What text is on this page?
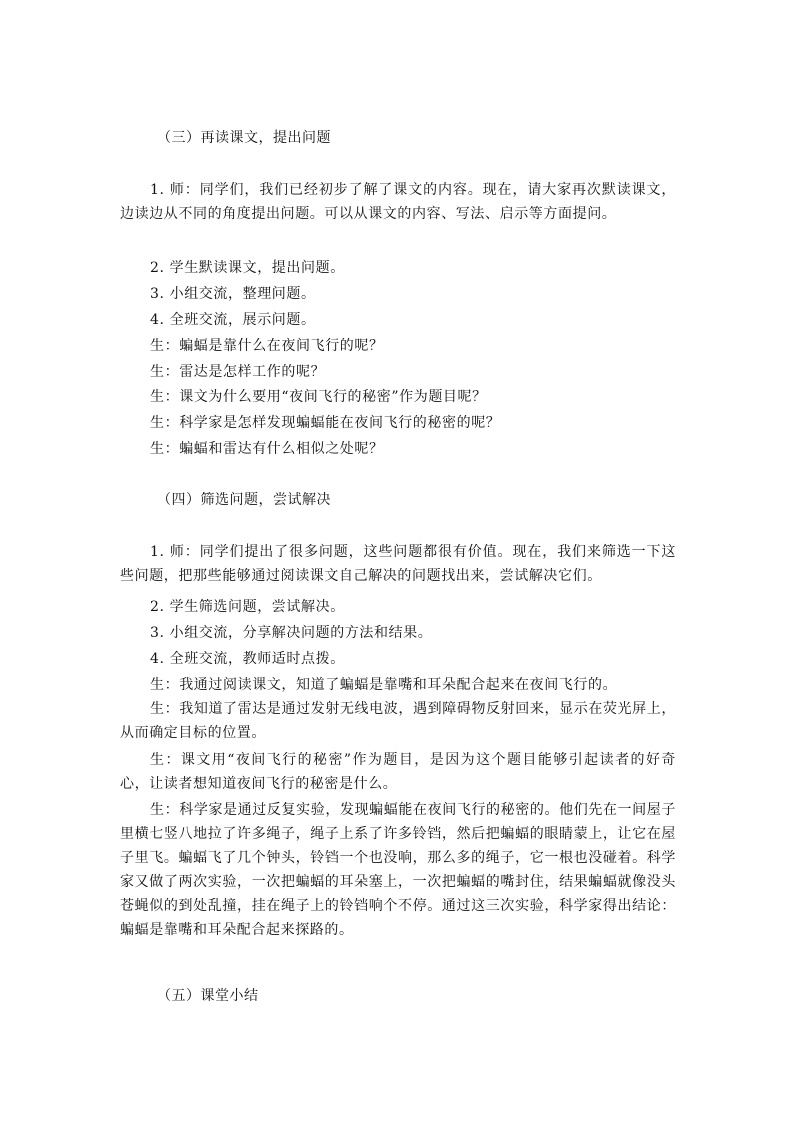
（三）再读课文，提出问题
1. 师：同学们，我们已经初步了解了课文的内容。现在，请大家再次默读课文，边读边从不同的角度提出问题。可以从课文的内容、写法、启示等方面提问。
2. 学生默读课文，提出问题。
3. 小组交流，整理问题。
4. 全班交流，展示问题。
生：蝙蝠是靠什么在夜间飞行的呢？
生：雷达是怎样工作的呢？
生：课文为什么要用“夜间飞行的秘密”作为题目呢？
生：科学家是怎样发现蝙蝠能在夜间飞行的秘密的呢？
生：蝙蝠和雷达有什么相似之处呢？
（四）筛选问题，尝试解决
1. 师：同学们提出了很多问题，这些问题都很有价值。现在，我们来筛选一下这些问题，把那些能够通过阅读课文自己解决的问题找出来，尝试解决它们。
2. 学生筛选问题，尝试解决。
3. 小组交流，分享解决问题的方法和结果。
4. 全班交流，教师适时点拨。
生：我通过阅读课文，知道了蝙蝠是靠嘴和耳朵配合起来在夜间飞行的。
生：我知道了雷达是通过发射无线电波，遇到障碍物反射回来，显示在荧光屏上，从而确定目标的位置。
生：课文用“夜间飞行的秘密”作为题目，是因为这个题目能够引起读者的好奇心，让读者想知道夜间飞行的秘密是什么。
生：科学家是通过反复实验，发现蝙蝠能在夜间飞行的秘密的。他们先在一间屋子里横七竖八地拉了许多绳子，绳子上系了许多铃铛，然后把蝙蝠的眼睛蒙上，让它在屋子里飞。蝙蝠飞了几个钟头，铃铛一个也没响，那么多的绳子，它一根也没碰着。科学家又做了两次实验，一次把蝙蝠的耳朵塞上，一次把蝙蝠的嘴封住，结果蝙蝠就像没头苍蝇似的到处乱撞，挂在绳子上的铃铛响个不停。通过这三次实验，科学家得出结论：蝙蝠是靠嘴和耳朵配合起来探路的。
（五）课堂小结
